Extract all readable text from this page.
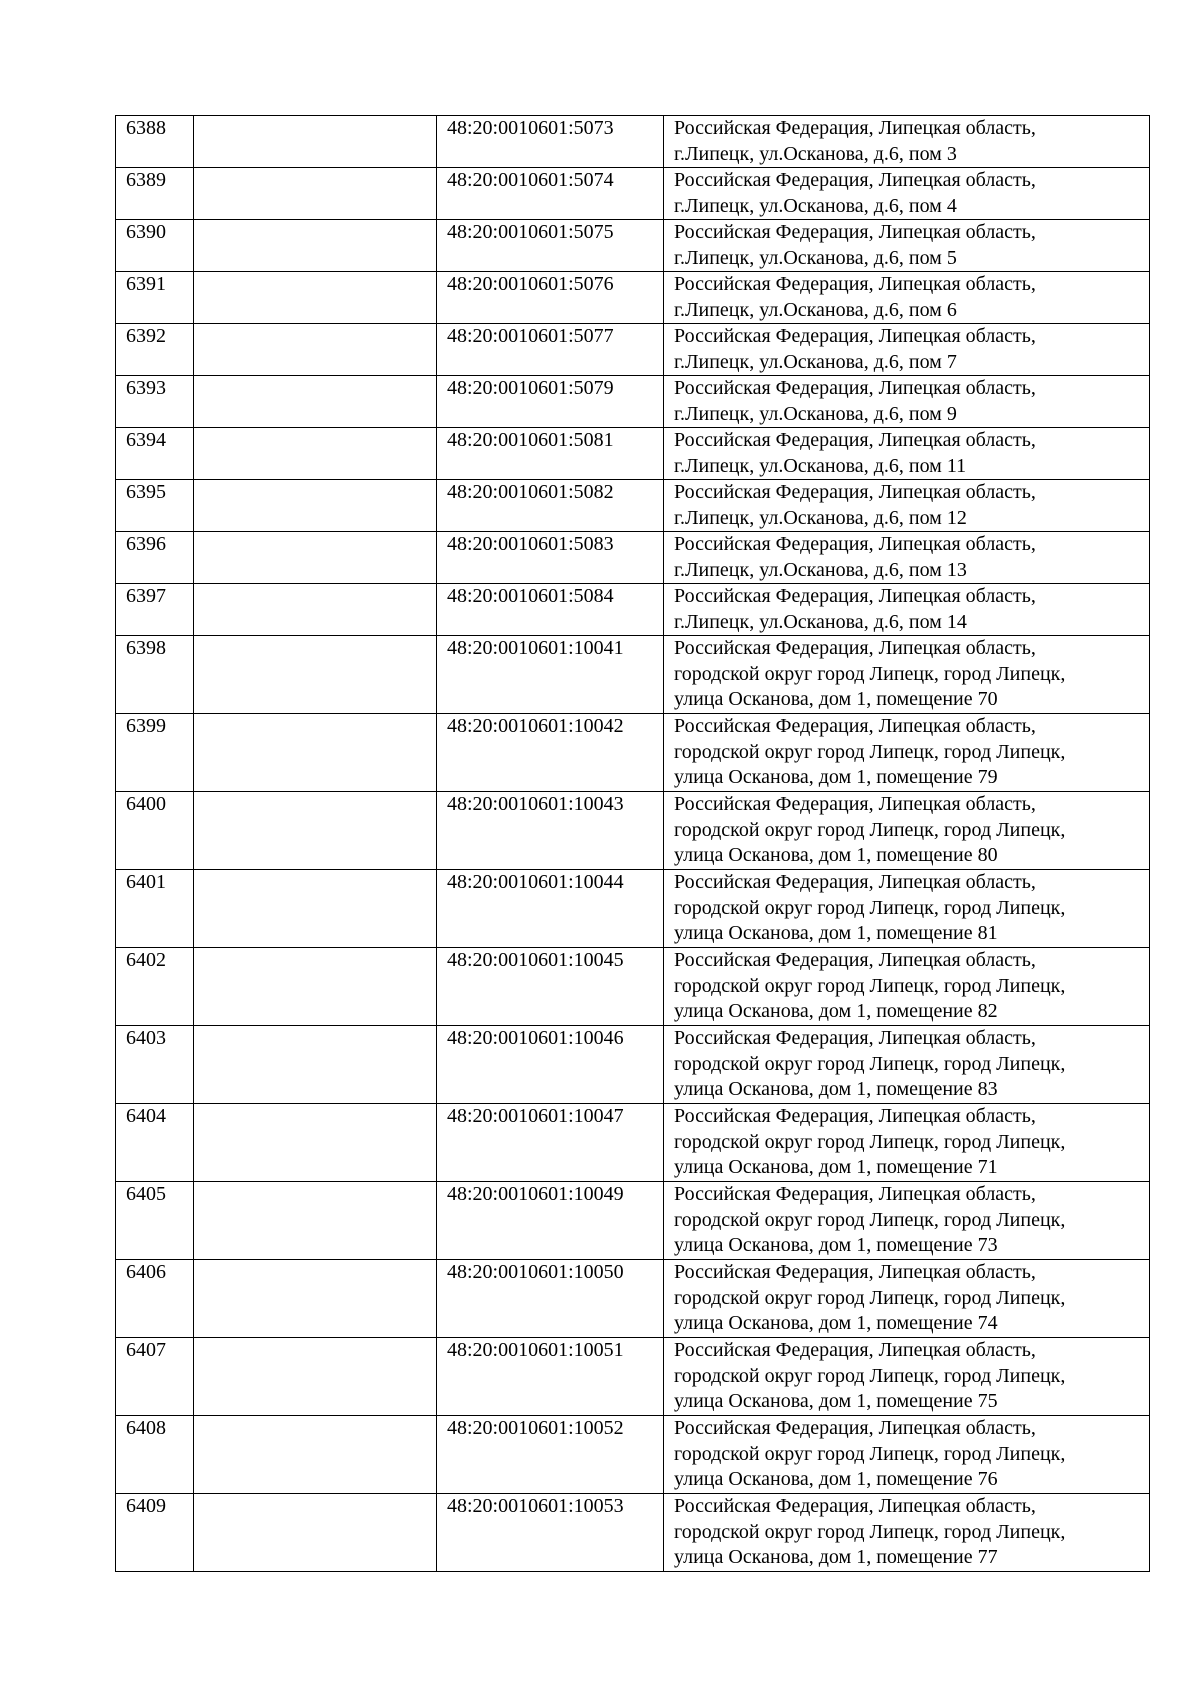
6388		48:20:0010601:5073	Российская Федерация, Липецкая область,
г.Липецк, ул.Осканова, д.6, пом 3

6389		48:20:0010601:5074	Российская Федерация, Липецкая область,
г.Липецк, ул.Осканова, д.6, пом 4

6390		48:20:0010601:5075	Российская Федерация, Липецкая область,
г.Липецк, ул.Осканова, д.6, пом 5

6391		48:20:0010601:5076	Российская Федерация, Липецкая область,
г.Липецк, ул.Осканова, д.6, пом 6

6392		48:20:0010601:5077	Российская Федерация, Липецкая область,
г.Липецк, ул.Осканова, д.6, пом 7

6393		48:20:0010601:5079	Российская Федерация, Липецкая область,
г.Липецк, ул.Осканова, д.6, пом 9

6394		48:20:0010601:5081	Российская Федерация, Липецкая область,
г.Липецк, ул.Осканова, д.6, пом 11

6395		48:20:0010601:5082	Российская Федерация, Липецкая область,
г.Липецк, ул.Осканова, д.6, пом 12

6396		48:20:0010601:5083	Российская Федерация, Липецкая область,
г.Липецк, ул.Осканова, д.6, пом 13

6397		48:20:0010601:5084	Российская Федерация, Липецкая область,
г.Липецк, ул.Осканова, д.6, пом 14

6398		48:20:0010601:10041	Российская Федерация, Липецкая область,
городской округ город Липецк, город Липецк,
улица Осканова, дом 1, помещение 70

6399		48:20:0010601:10042	Российская Федерация, Липецкая область,
городской округ город Липецк, город Липецк,
улица Осканова, дом 1, помещение 79

6400		48:20:0010601:10043	Российская Федерация, Липецкая область,
городской округ город Липецк, город Липецк,
улица Осканова, дом 1, помещение 80

6401		48:20:0010601:10044	Российская Федерация, Липецкая область,
городской округ город Липецк, город Липецк,
улица Осканова, дом 1, помещение 81

6402		48:20:0010601:10045	Российская Федерация, Липецкая область,
городской округ город Липецк, город Липецк,
улица Осканова, дом 1, помещение 82

6403		48:20:0010601:10046	Российская Федерация, Липецкая область,
городской округ город Липецк, город Липецк,
улица Осканова, дом 1, помещение 83

6404		48:20:0010601:10047	Российская Федерация, Липецкая область,
городской округ город Липецк, город Липецк,
улица Осканова, дом 1, помещение 71

6405		48:20:0010601:10049	Российская Федерация, Липецкая область,
городской округ город Липецк, город Липецк,
улица Осканова, дом 1, помещение 73

6406		48:20:0010601:10050	Российская Федерация, Липецкая область,
городской округ город Липецк, город Липецк,
улица Осканова, дом 1, помещение 74

6407		48:20:0010601:10051	Российская Федерация, Липецкая область,
городской округ город Липецк, город Липецк,
улица Осканова, дом 1, помещение 75

6408		48:20:0010601:10052	Российская Федерация, Липецкая область,
городской округ город Липецк, город Липецк,
улица Осканова, дом 1, помещение 76

6409		48:20:0010601:10053	Российская Федерация, Липецкая область,
городской округ город Липецк, город Липецк,
улица Осканова, дом 1, помещение 77
